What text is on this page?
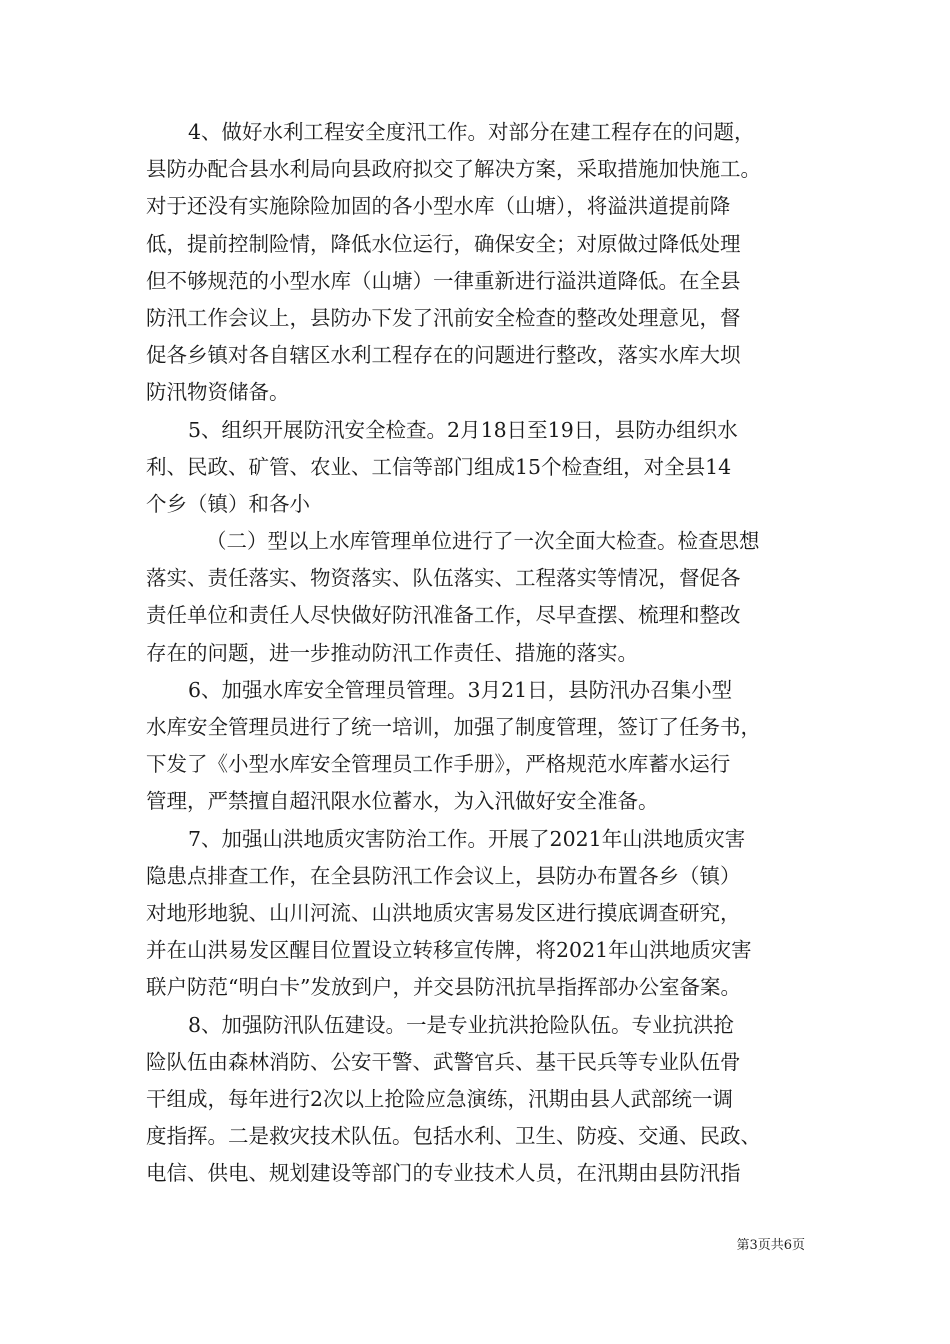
4、做好水利工程安全度汛工作。对部分在建工程存在的问题，
县防办配合县水利局向县政府拟交了解决方案，采取措施加快施工。
对于还没有实施除险加固的各小型水库（山塘），将溢洪道提前降
低，提前控制险情，降低水位运行，确保安全；对原做过降低处理
但不够规范的小型水库（山塘）一律重新进行溢洪道降低。在全县
防汛工作会议上，县防办下发了汛前安全检查的整改处理意见，督
促各乡镇对各自辖区水利工程存在的问题进行整改，落实水库大坝
防汛物资储备。
5、组织开展防汛安全检查。2月18日至19日，县防办组织水
利、民政、矿管、农业、工信等部门组成15个检查组，对全县14
个乡（镇）和各小
（二）型以上水库管理单位进行了一次全面大检查。检查思想
落实、责任落实、物资落实、队伍落实、工程落实等情况，督促各
责任单位和责任人尽快做好防汛准备工作，尽早查摆、梳理和整改
存在的问题，进一步推动防汛工作责任、措施的落实。
6、加强水库安全管理员管理。3月21日，县防汛办召集小型
水库安全管理员进行了统一培训，加强了制度管理，签订了任务书，
下发了《小型水库安全管理员工作手册》，严格规范水库蓄水运行
管理，严禁擅自超汛限水位蓄水，为入汛做好安全准备。
7、加强山洪地质灾害防治工作。开展了2021年山洪地质灾害
隐患点排查工作，在全县防汛工作会议上，县防办布置各乡（镇）
对地形地貌、山川河流、山洪地质灾害易发区进行摸底调查研究，
并在山洪易发区醒目位置设立转移宣传牌，将2021年山洪地质灾害
联户防范“明白卡”发放到户，并交县防汛抗旱指挥部办公室备案。
8、加强防汛队伍建设。一是专业抗洪抢险队伍。专业抗洪抢
险队伍由森林消防、公安干警、武警官兵、基干民兵等专业队伍骨
干组成，每年进行2次以上抢险应急演练，汛期由县人武部统一调
度指挥。二是救灾技术队伍。包括水利、卫生、防疫、交通、民政、
电信、供电、规划建设等部门的专业技术人员，在汛期由县防汛指
第3页共6页
